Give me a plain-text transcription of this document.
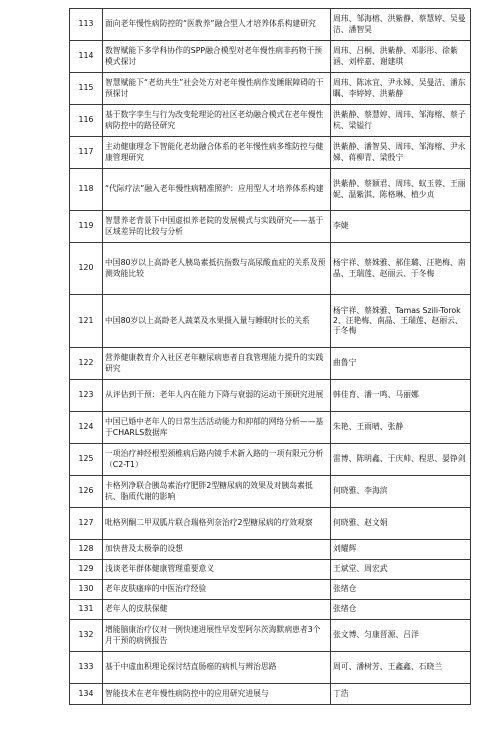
113	面向老年慢性病防控的“医教养”融合型人才培养体系构建研究	周玮、邹海榕、洪紫静、蔡慧婷、吴曼洁、潘智昊
114	数智赋能下多学科协作的SPP融合模型对老年慢性病非药物干预模式探讨	周玮、吕桐、洪紫静、邓影彤、徐紫涵、刘梓嘉、谢建琪
115	智慧赋能下“老幼共生”社会处方对老年慢性病作发睡眠障碍的干预探讨	周玮、陈冰宜、尹永娣、吴曼洁、潘东瞩、李婷婷、洪紫静
116	基于数字孪生与行为改变轮理论的社区老幼融合模式在老年慢性病防控中的路径研究	洪紫静、蔡慧婷、周玮、邹海榕、蔡子杭、梁镒行
117	主动健康理念下智能化老幼融合体系的老年慢性病多维防控与健康管理研究	洪紫静、潘智昊、周玮、邹海榕、尹永娣、蒋柳青、梁殷宁
118	“代际疗法”融入老年慢性病精准照护：应用型人才培养体系构建	洪紫静、蔡颖君、周玮、蚁玉蓉、王丽妮、温紫淇、陈格琳、植少贞
119	智慧养老背景下中国虚拟养老院的发展模式与实践研究——基于区域差异的比较与分析	李婕
120	中国80岁以上高龄老人胰岛素抵抗指数与高尿酸血症的关系及预测效能比较	杨宇祥、蔡姝雅、郝佳璐、汪艳梅、南晶、王瑞莲、赵丽云、于冬梅
121	中国80岁以上高龄老人蔬菜及水果摄入量与睡眠时长的关系	杨宇祥、蔡姝雅、Tamas Szili-Torok2、汪艳梅、南晶、王瑞莲、赵丽云、于冬梅
122	营养健康教育介入社区老年糖尿病患者自我管理能力提升的实践研究	曲鲁宁
123	从评估到干预：老年人内在能力下降与衰弱的运动干预研究进展	韩佳育、潘一鸣、马丽娜
124	中国已婚中老年人的日常生活活动能力和抑郁的网络分析——基于CHARLS数据库	朱艳、王雨晴、张静
125	一项治疗神经根型颈椎病后路内镜手术新入路的一项有限元分析（C2-T1）	雷博、陈明鑫、于庆帅、程思、晏铮剑
126	卡格列净联合胰岛素治疗肥胖2型糖尿病的效果及对胰岛素抵抗、脂质代谢的影响	何晓雅、李海滨
127	吡格列酮二甲双胍片联合瑞格列奈治疗2型糖尿病的疗效观察	何晓雅、赵文娟
128	加快普及太极拳的设想	刘耀辉
129	浅谈老年群体健康管理重要意义	王斌堂、周宏武
130	老年皮肤瘙痒的中医治疗经验	张绪仓
131	老年人的皮肤保健	张绪仓
132	增能脑康治疗仪对一例快速进展性早发型阿尔茨海默病患者3个月干预的病例报告	张文博、匀康晋源、吕洋
133	基于中虚血积理论探讨结直肠癌的病机与辨治思路	周可、潘树芳、王鑫鑫、石晓兰
134	智能技术在老年慢性病防控中的应用研究进展与	丁浩
